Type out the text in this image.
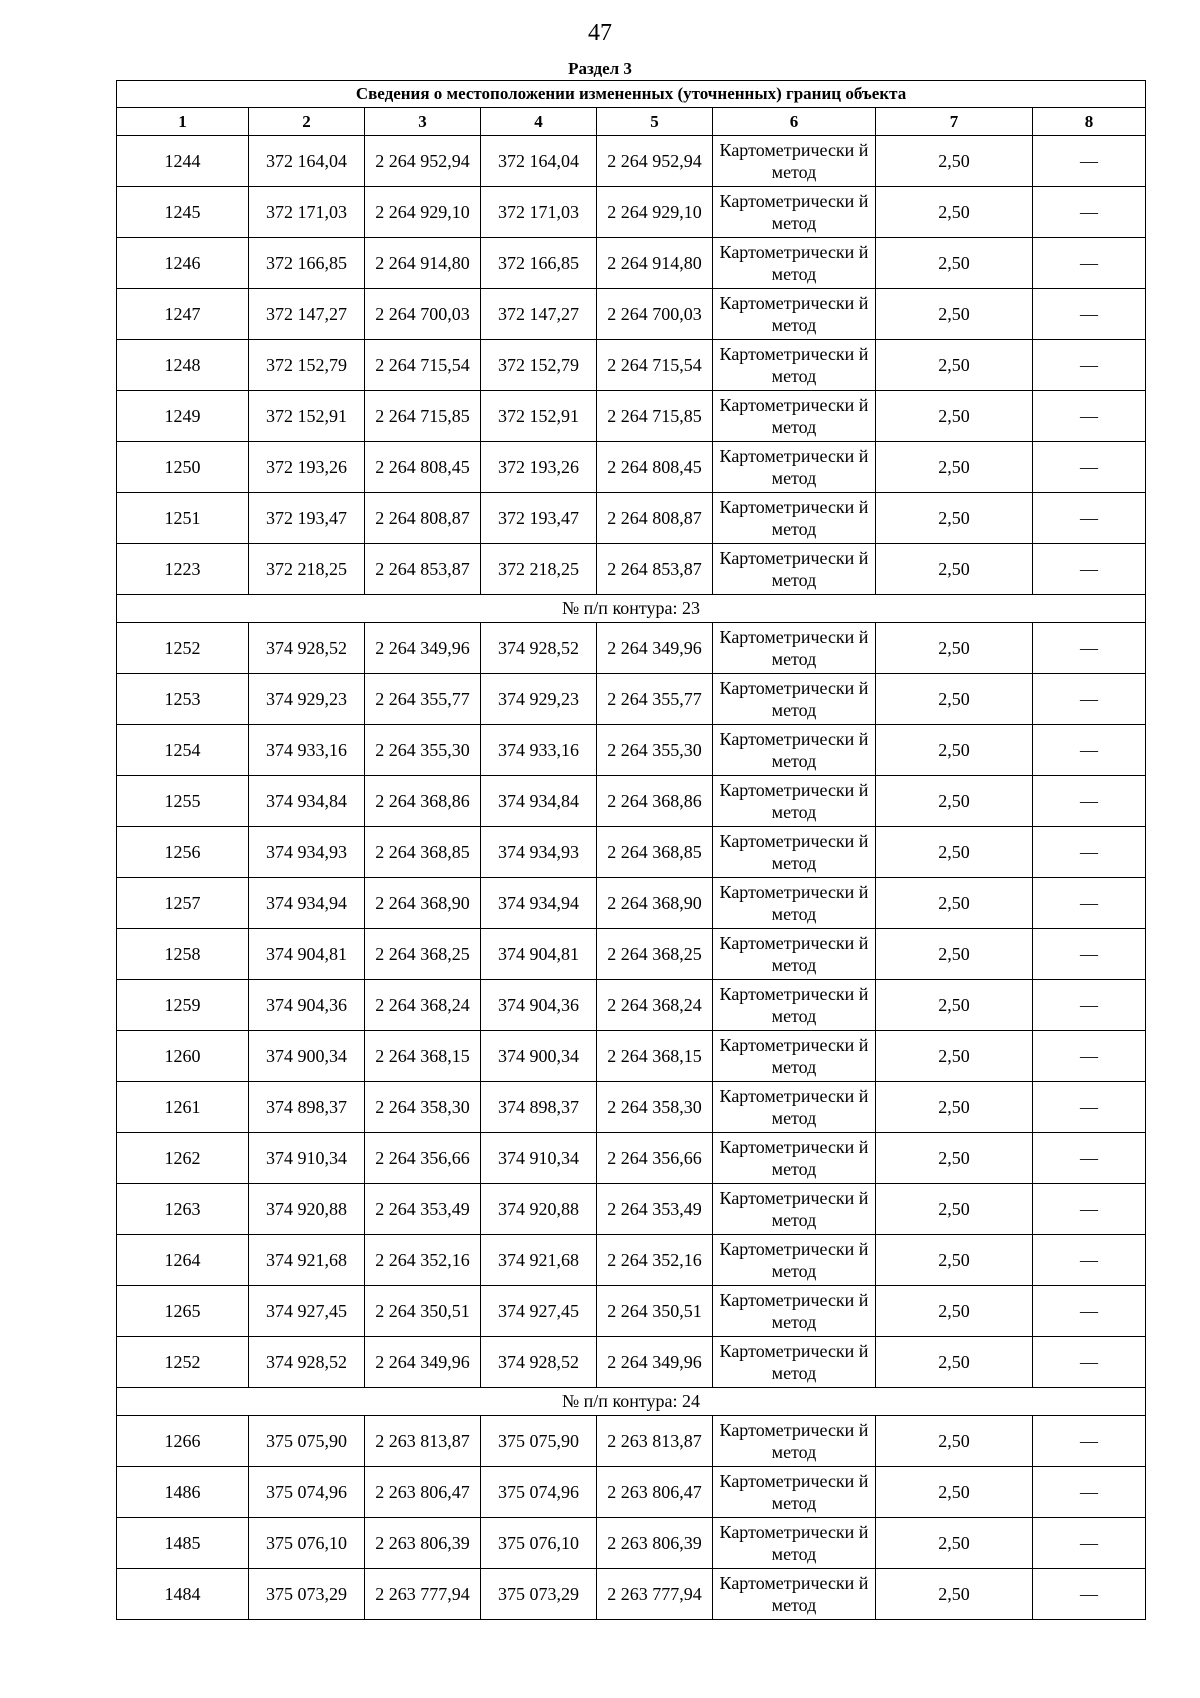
47
Раздел 3
Сведения о местоположении измененных (уточненных) границ объекта							
1	2	3	4	5	6	7	8
1244	372 164,04	2 264 952,94	372 164,04	2 264 952,94	Картометрически й метод	2,50	—
1245	372 171,03	2 264 929,10	372 171,03	2 264 929,10	Картометрически й метод	2,50	—
1246	372 166,85	2 264 914,80	372 166,85	2 264 914,80	Картометрически й метод	2,50	—
1247	372 147,27	2 264 700,03	372 147,27	2 264 700,03	Картометрически й метод	2,50	—
1248	372 152,79	2 264 715,54	372 152,79	2 264 715,54	Картометрически й метод	2,50	—
1249	372 152,91	2 264 715,85	372 152,91	2 264 715,85	Картометрически й метод	2,50	—
1250	372 193,26	2 264 808,45	372 193,26	2 264 808,45	Картометрически й метод	2,50	—
1251	372 193,47	2 264 808,87	372 193,47	2 264 808,87	Картометрически й метод	2,50	—
1223	372 218,25	2 264 853,87	372 218,25	2 264 853,87	Картометрически й метод	2,50	—
№ п/п контура: 23							
1252	374 928,52	2 264 349,96	374 928,52	2 264 349,96	Картометрически й метод	2,50	—
1253	374 929,23	2 264 355,77	374 929,23	2 264 355,77	Картометрически й метод	2,50	—
1254	374 933,16	2 264 355,30	374 933,16	2 264 355,30	Картометрически й метод	2,50	—
1255	374 934,84	2 264 368,86	374 934,84	2 264 368,86	Картометрически й метод	2,50	—
1256	374 934,93	2 264 368,85	374 934,93	2 264 368,85	Картометрически й метод	2,50	—
1257	374 934,94	2 264 368,90	374 934,94	2 264 368,90	Картометрически й метод	2,50	—
1258	374 904,81	2 264 368,25	374 904,81	2 264 368,25	Картометрически й метод	2,50	—
1259	374 904,36	2 264 368,24	374 904,36	2 264 368,24	Картометрически й метод	2,50	—
1260	374 900,34	2 264 368,15	374 900,34	2 264 368,15	Картометрически й метод	2,50	—
1261	374 898,37	2 264 358,30	374 898,37	2 264 358,30	Картометрически й метод	2,50	—
1262	374 910,34	2 264 356,66	374 910,34	2 264 356,66	Картометрически й метод	2,50	—
1263	374 920,88	2 264 353,49	374 920,88	2 264 353,49	Картометрически й метод	2,50	—
1264	374 921,68	2 264 352,16	374 921,68	2 264 352,16	Картометрически й метод	2,50	—
1265	374 927,45	2 264 350,51	374 927,45	2 264 350,51	Картометрически й метод	2,50	—
1252	374 928,52	2 264 349,96	374 928,52	2 264 349,96	Картометрически й метод	2,50	—
№ п/п контура: 24							
1266	375 075,90	2 263 813,87	375 075,90	2 263 813,87	Картометрически й метод	2,50	—
1486	375 074,96	2 263 806,47	375 074,96	2 263 806,47	Картометрически й метод	2,50	—
1485	375 076,10	2 263 806,39	375 076,10	2 263 806,39	Картометрически й метод	2,50	—
1484	375 073,29	2 263 777,94	375 073,29	2 263 777,94	Картометрически й метод	2,50	—
